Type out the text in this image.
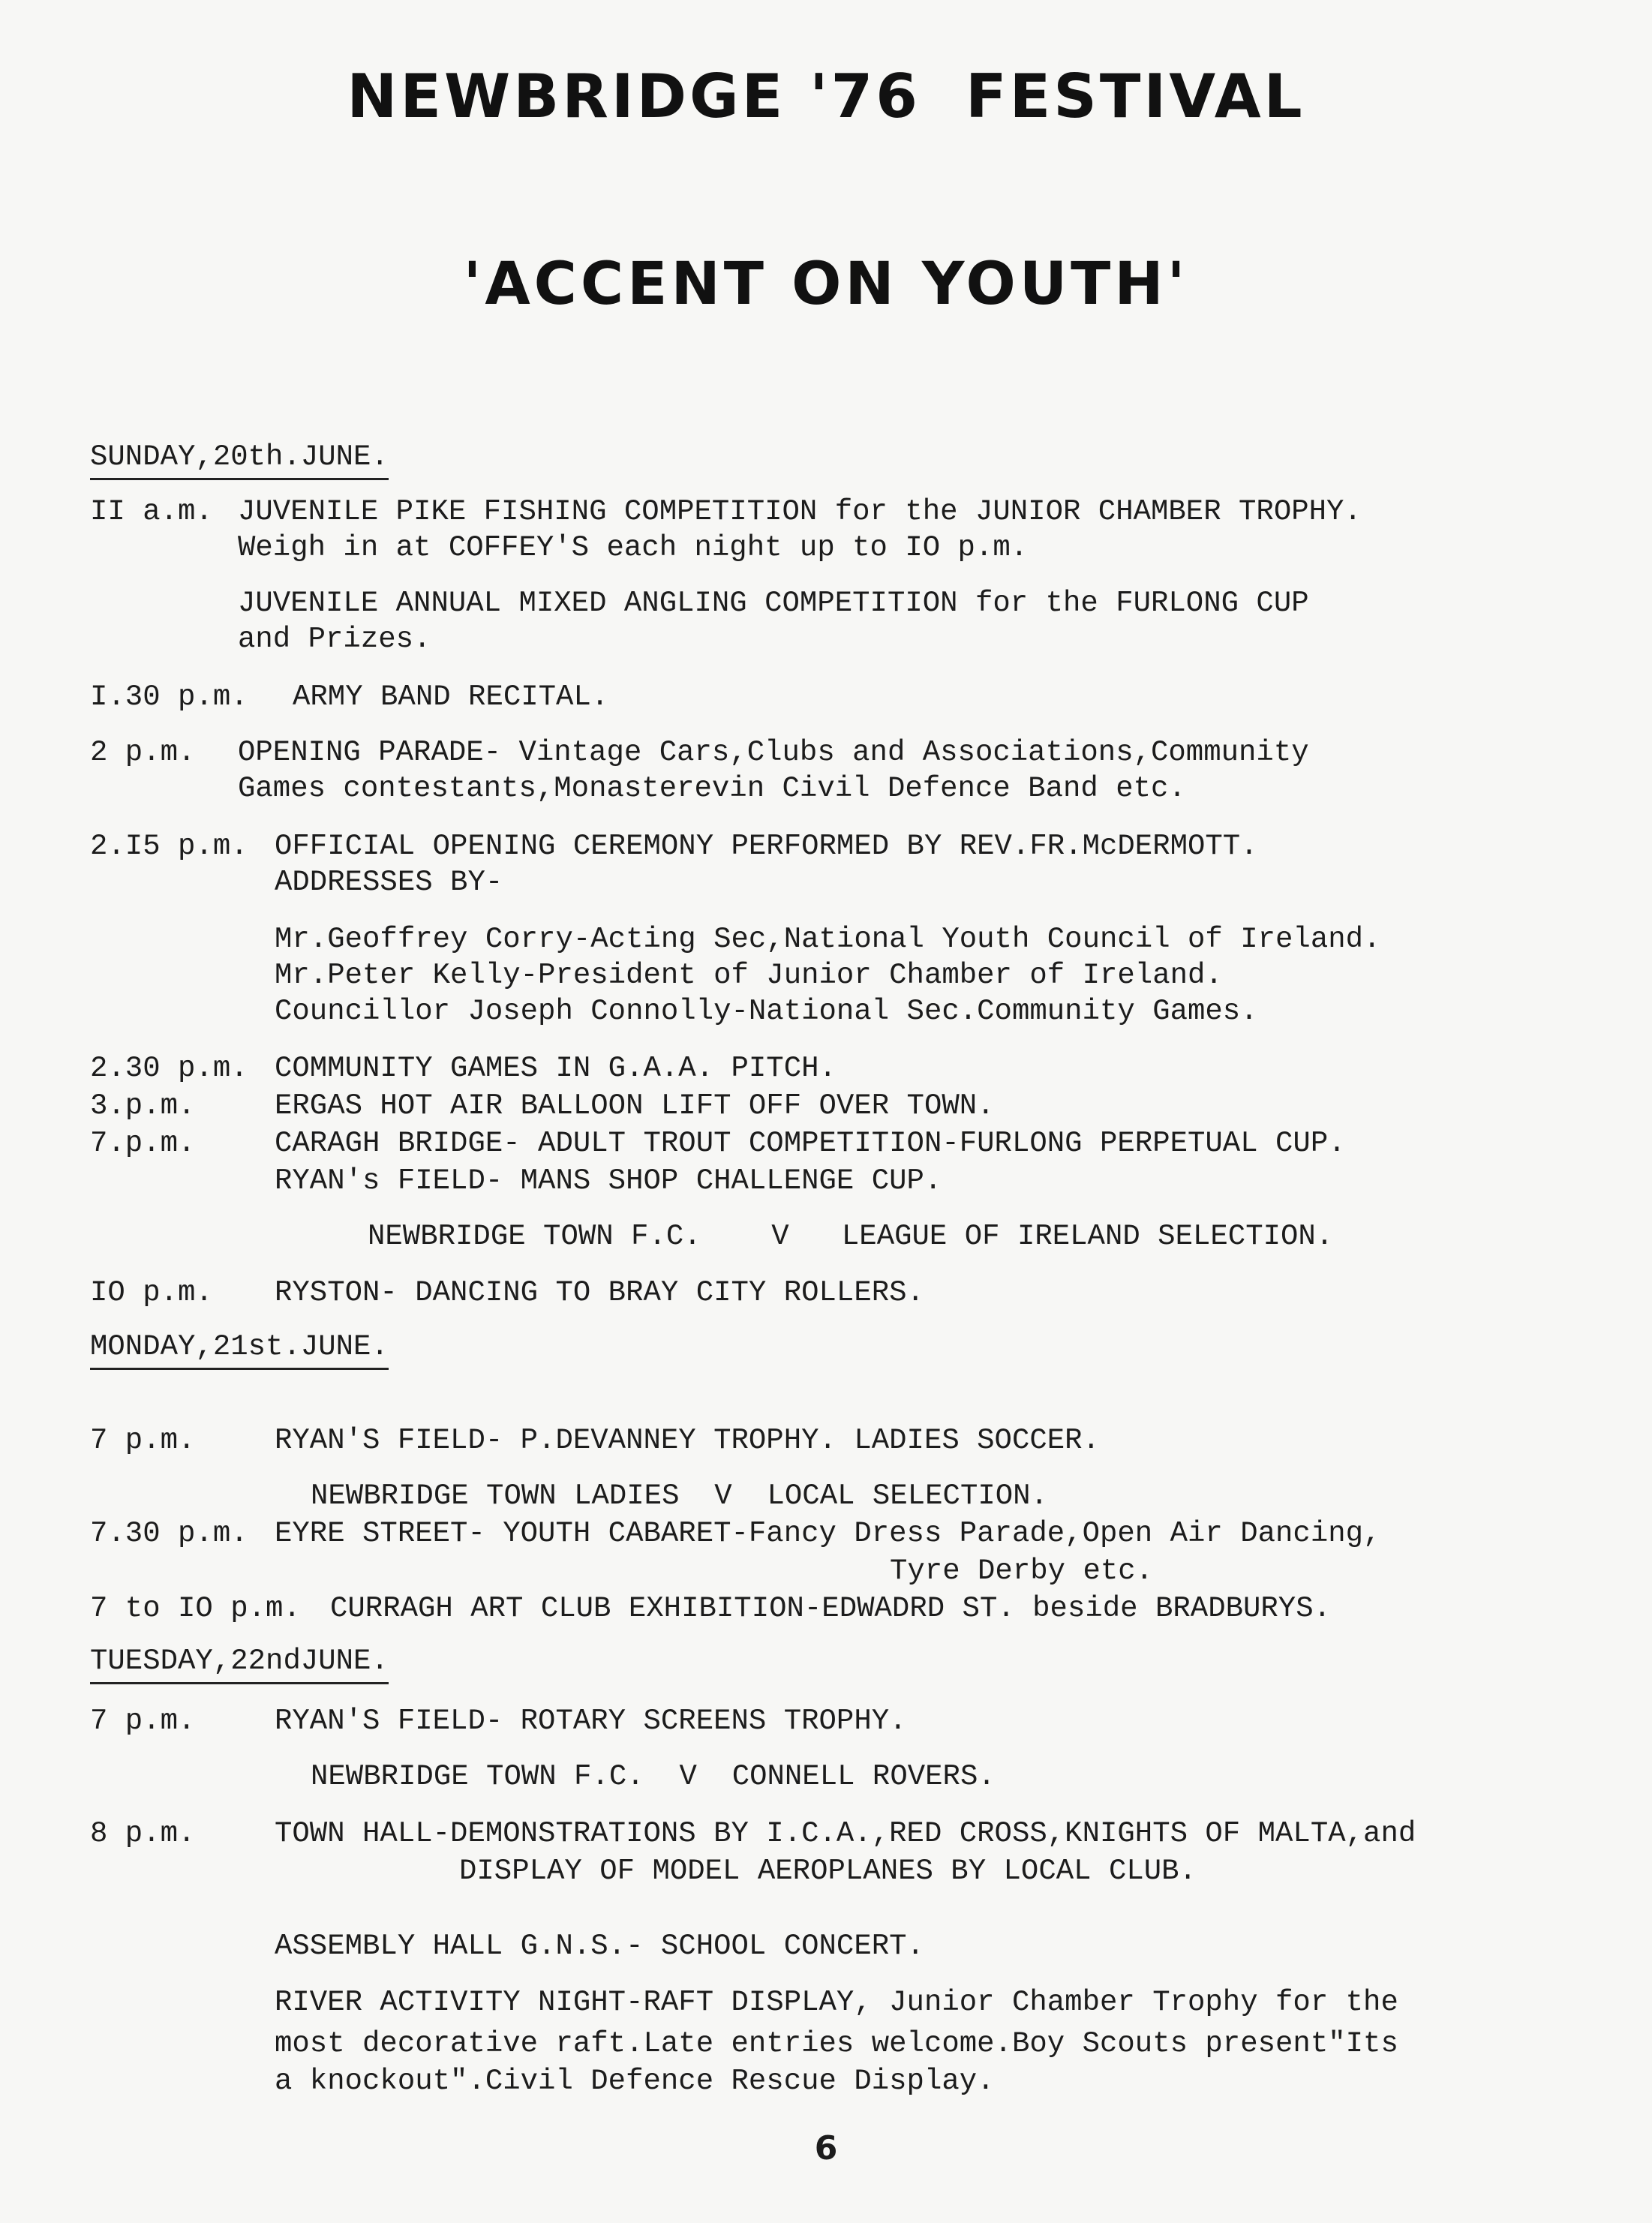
NEWBRIDGE '76 FESTIVAL
'ACCENT ON YOUTH'
SUNDAY,20th.JUNE.
II a.m. JUVENILE PIKE FISHING COMPETITION for the JUNIOR CHAMBER TROPHY.
Weigh in at COFFEY'S each night up to IO p.m.
JUVENILE ANNUAL MIXED ANGLING COMPETITION for the FURLONG CUP
and Prizes.
I.30 p.m. ARMY BAND RECITAL.
2 p.m. OPENING PARADE- Vintage Cars,Clubs and Associations,Community
Games contestants,Monasterevin Civil Defence Band etc.
2.I5 p.m. OFFICIAL OPENING CEREMONY PERFORMED BY REV.FR.McDERMOTT.
ADDRESSES BY-
Mr.Geoffrey Corry-Acting Sec,National Youth Council of Ireland.
Mr.Peter Kelly-President of Junior Chamber of Ireland.
Councillor Joseph Connolly-National Sec.Community Games.
2.30 p.m. COMMUNITY GAMES IN G.A.A. PITCH.
3.p.m.	ERGAS HOT AIR BALLOON LIFT OFF OVER TOWN.
7.p.m.	CARAGH BRIDGE- ADULT TROUT COMPETITION-FURLONG PERPETUAL CUP.
RYAN's FIELD- MANS SHOP CHALLENGE CUP.
NEWBRIDGE TOWN F.C.    V   LEAGUE OF IRELAND SELECTION.
IO p.m. RYSTON- DANCING TO BRAY CITY ROLLERS.
MONDAY,21st.JUNE.
7 p.m.	RYAN'S FIELD- P.DEVANNEY TROPHY. LADIES SOCCER.
NEWBRIDGE TOWN LADIES  V  LOCAL SELECTION.
7.30 p.m. EYRE STREET- YOUTH CABARET-Fancy Dress Parade,Open Air Dancing,
Tyre Derby etc.
7 to IO p.m. CURRAGH ART CLUB EXHIBITION-EDWADRD ST. beside BRADBURYS.
TUESDAY,22ndJUNE.
7 p.m.	RYAN'S FIELD- ROTARY SCREENS TROPHY.
NEWBRIDGE TOWN F.C.  V  CONNELL ROVERS.
8 p.m.	TOWN HALL-DEMONSTRATIONS BY I.C.A.,RED CROSS,KNIGHTS OF MALTA,and
DISPLAY OF MODEL AEROPLANES BY LOCAL CLUB.
ASSEMBLY HALL G.N.S.- SCHOOL CONCERT.
RIVER ACTIVITY NIGHT-RAFT DISPLAY, Junior Chamber Trophy for the
most decorative raft.Late entries welcome.Boy Scouts present"Its
a knockout".Civil Defence Rescue Display.
6
